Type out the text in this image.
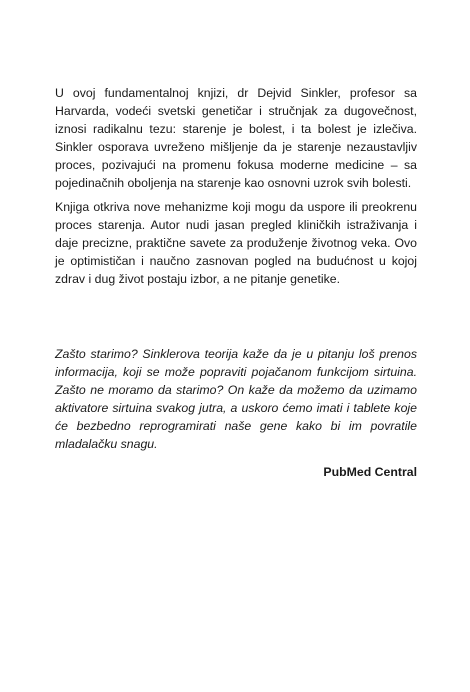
U ovoj fundamentalnoj knjizi, dr Dejvid Sinkler, profesor sa Harvarda, vodeći svetski genetičar i stručnjak za dugovečnost, iznosi radikalnu tezu: starenje je bolest, i ta bolest je izlečiva. Sinkler osporava uvreženo mišljenje da je starenje nezaustavljiv proces, pozivajući na promenu fokusa moderne medicine – sa pojedinačnih oboljenja na starenje kao osnovni uzrok svih bolesti.

Knjiga otkriva nove mehanizme koji mogu da uspore ili preokrenu proces starenja. Autor nudi jasan pregled kliničkih istraživanja i daje precizne, praktične savete za produženje životnog veka. Ovo je optimističan i naučno zasnovan pogled na budućnost u kojoj zdrav i dug život postaju izbor, a ne pitanje genetike.

Zašto starimo? Sinklerova teorija kaže da je u pitanju loš prenos informacija, koji se može popraviti pojačanom funkcijom sirtuina. Zašto ne moramo da starimo? On kaže da možemo da uzimamo aktivatore sirtuina svakog jutra, a uskoro ćemo imati i tablete koje će bezbedno reprogramirati naše gene kako bi im povratile mladalačku snagu.

PubMed Central
